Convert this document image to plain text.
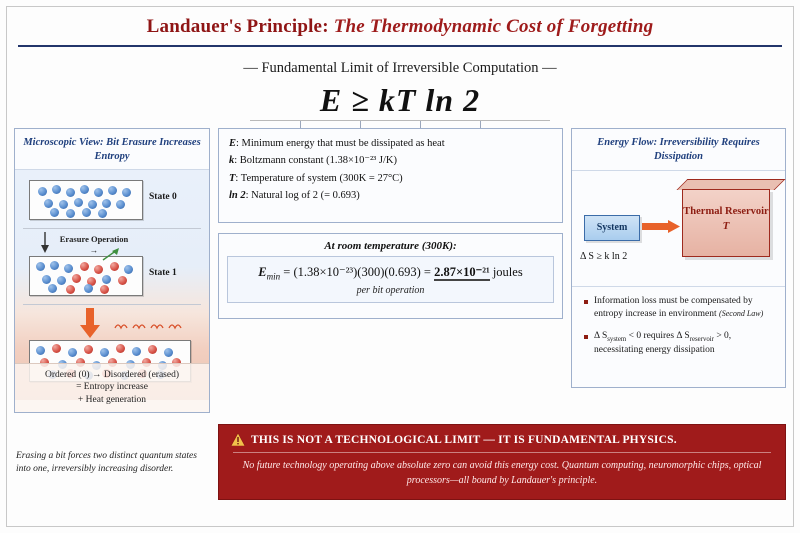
Landauer's Principle: The Thermodynamic Cost of Forgetting
— Fundamental Limit of Irreversible Computation —
E ≥ kT ln 2
Microscopic View: Bit Erasure Increases Entropy
State 0
Erasure Operation →
State 1
Ordered (0) → Disordered (erased)
= Entropy increase
+ Heat generation
Erasing a bit forces two distinct quantum states into one, irreversibly increasing disorder.
E: Minimum energy that must be dissipated as heat
k: Boltzmann constant (1.38×10⁻²³ J/K)
T: Temperature of system (300K = 27°C)
ln 2: Natural log of 2 (= 0.693)
At room temperature (300K):
$E_{min} = (1.38\times 10^{-23})(300)(0.693) = 2.87\times 10^{-21}$ joules
per bit operation
Energy Flow: Irreversibility Requires Dissipation
System
Thermal Reservoir
T
Δ S ≥ k ln 2
Information loss must be compensated by entropy increase in environment (Second Law)
Δ $S_{system} < 0$ requires Δ $S_{reservoir} > 0$, necessitating energy dissipation
THIS IS NOT A TECHNOLOGICAL LIMIT — IT IS FUNDAMENTAL PHYSICS.
No future technology operating above absolute zero can avoid this energy cost. Quantum computing, neuromorphic chips, optical processors—all bound by Landauer's principle.
